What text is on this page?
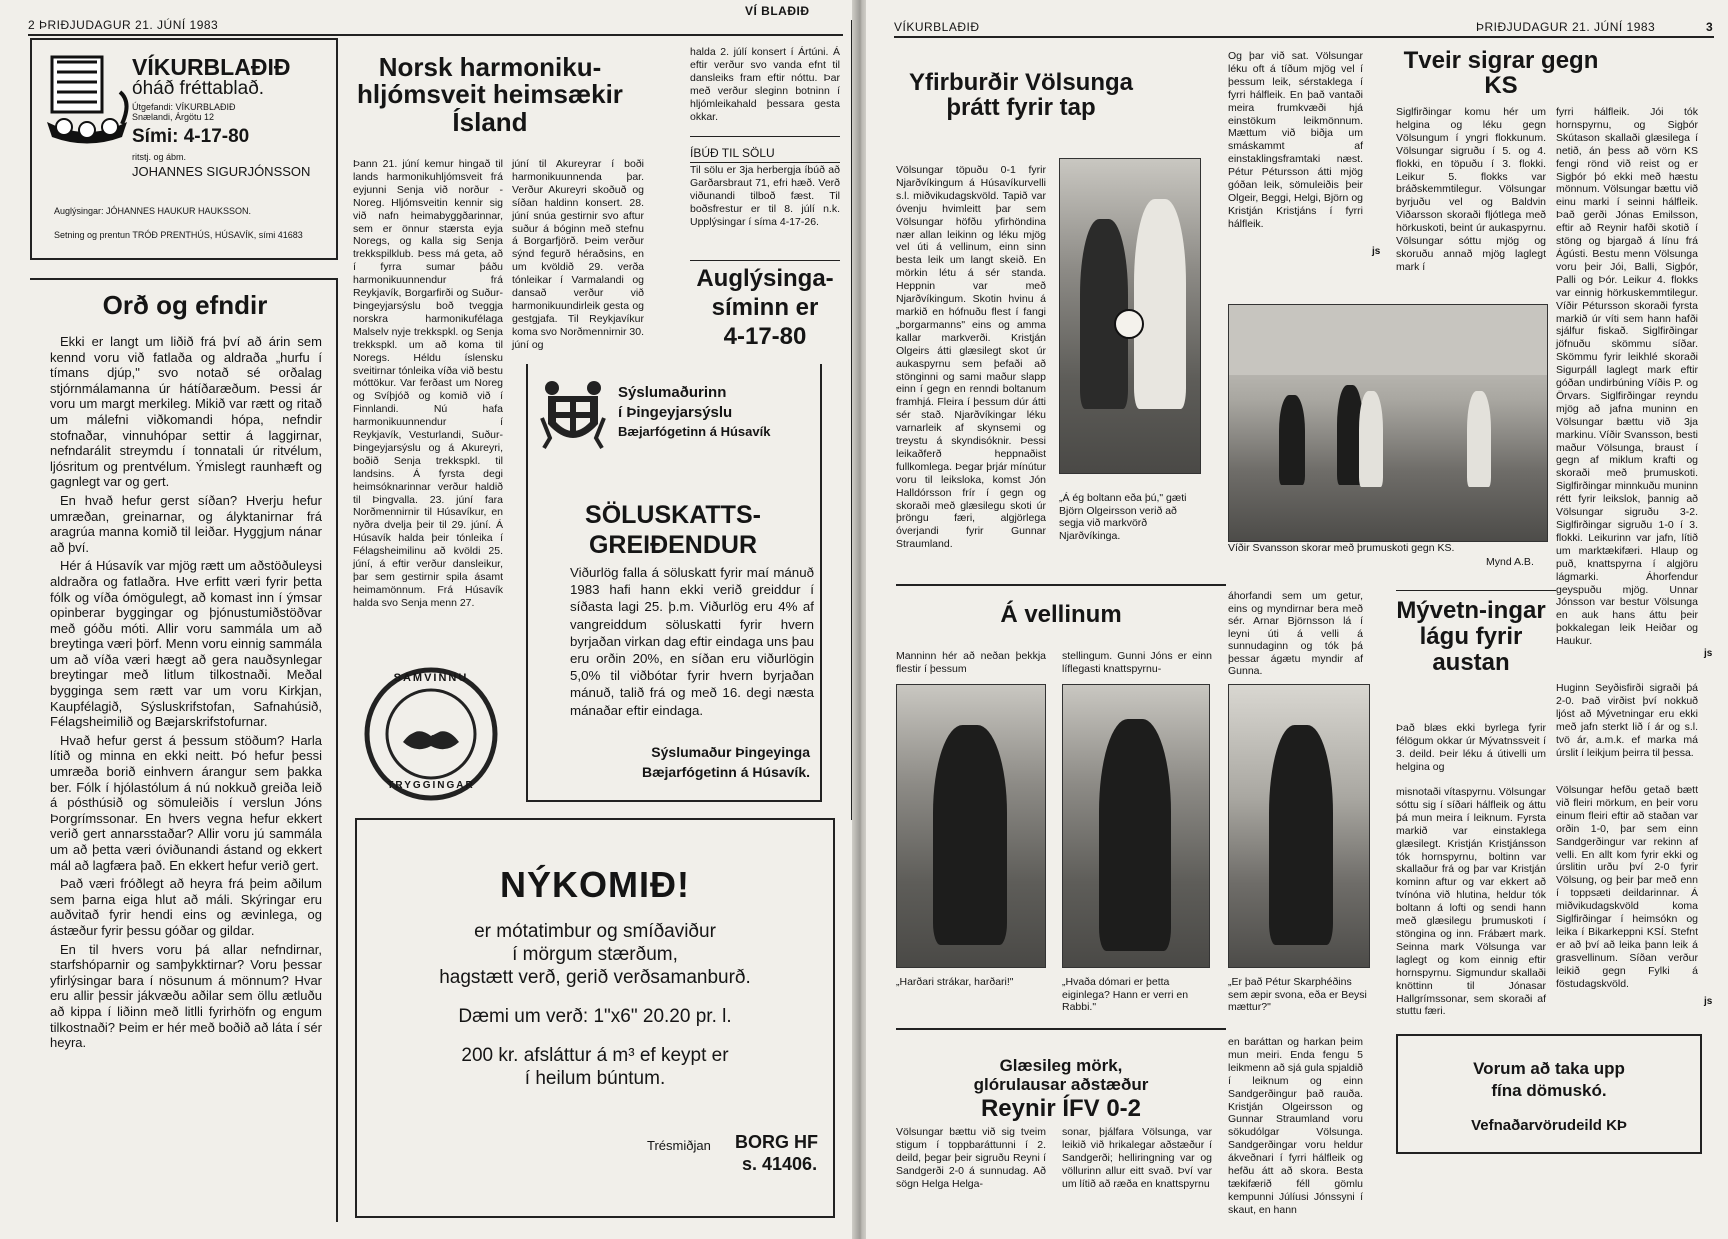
2 ÞRIÐJUDAGUR 21. JÚNÍ 1983
VÍ BLAÐIÐ
VÍKURBLAÐIÐ
óháð fréttablað.
Útgefandi: VÍKURBLAÐIÐ
Snælandi, Árgötu 12
Sími: 4-17-80
ritstj. og ábm.
JOHANNES SIGURJÓNSSON
Auglýsingar: JÓHANNES HAUKUR HAUKSSON.
Setning og prentun TRÓÐ PRENTHÚS, HÚSAVÍK, sími 41683
Orð og efndir

Ekki er langt um liðið frá því að árin sem kennd voru við fatlaða og aldraða „hurfu í tímans djúp," svo notað sé orðalag stjórnmálamanna úr hátíðaræðum. Þessi ár voru um margt merkileg. Mikið var rætt og ritað um málefni viðkomandi hópa, nefndir stofnaðar, vinnuhópar settir á laggirnar, nefndarálit streymdu í tonnatali úr ritvélum, ljósritum og prentvélum. Ýmislegt raunhæft og gagnlegt var og gert.

En hvað hefur gerst síðan? Hverju hefur umræðan, greinarnar, og ályktanirnar frá aragrúa manna komið til leiðar. Hyggjum nánar að því.

Hér á Húsavík var mjög rætt um aðstöðuleysi aldraðra og fatlaðra. Hve erfitt væri fyrir þetta fólk og víða ómögulegt, að komast inn í ýmsar opinberar byggingar og þjónustumiðstöðvar með góðu móti. Allir voru sammála um að breytinga væri þörf. Menn voru einnig sammála um að víða væri hægt að gera nauðsynlegar breytingar með litlum tilkostnaði. Meðal bygginga sem rætt var um voru Kirkjan, Kaupfélagið, Sýsluskrifstofan, Safnahúsið, Félagsheimilið og Bæjarskrifstofurnar.

Hvað hefur gerst á þessum stöðum? Harla lítið og minna en ekki neitt. Þó hefur þessi umræða borið einhvern árangur sem þakka ber. Fólk í hjólastólum á nú nokkuð greiða leið á pósthúsið og sömuleiðis í verslun Jóns Þorgrímssonar. En hvers vegna hefur ekkert verið gert annarsstaðar? Allir voru jú sammála um að þetta væri óviðunandi ástand og ekkert mál að lagfæra það. En ekkert hefur verið gert.

Það væri fróðlegt að heyra frá þeim aðilum sem þarna eiga hlut að máli. Skýringar eru auðvitað fyrir hendi eins og ævinlega, og ástæður fyrir þessu góðar og gildar.

En til hvers voru þá allar nefndirnar, starfshóparnir og samþykktirnar? Voru þessar yfirlýsingar bara í nösunum á mönnum? Hvar eru allir þessir jákvæðu aðilar sem öllu ætluðu að kippa í liðinn með litlli fyrirhöfn og engum tilkostnaði? Þeim er hér með boðið að láta í sér heyra.

Norsk harmoniku-hljómsveit heimsækir Ísland
Þann 21. júní kemur hingað til lands harmonikuhljómsveit frá eyjunni Senja við norður - Noreg. Hljómsveitin kennir sig við nafn heimabyggðarinnar, sem er önnur stærsta eyja Noregs, og kalla sig Senja trekkspilklub. Þess má geta, að í fyrra sumar þáðu harmonikuunnendur frá Reykjavík, Borgarfirði og Suður-Þingeyjarsýslu boð tveggja norskra harmonikufélaga Malselv nyje trekkspkl. og Senja trekkspkl. um að koma til Noregs. Héldu íslensku sveitirnar tónleika víða við bestu móttökur. Var ferðast um Noreg og Svíþjóð og komið við í Finnlandi. Nú hafa harmonikuunnendur í Reykjavík, Vesturlandi, Suður-Þingeyjarsýslu og á Akureyri, boðið Senja trekkspkl. til landsins. Á fyrsta degi heimsóknarinnar verður haldið til Þingvalla. 23. júní fara Norðmennirnir til Húsavíkur, en nyðra dvelja þeir til 29. júní. Á Húsavík halda þeir tónleika í Félagsheimilinu að kvöldi 25. júní, á eftir verður dansleikur, þar sem gestirnir spila ásamt heimamönnum. Frá Húsavík halda svo Senja menn 27.
júní til Akureyrar í boði harmonikuunnenda þar. Verður Akureyri skoðuð og síðan haldinn konsert. 28. júní snúa gestirnir svo aftur suður á bóginn með stefnu á Borgarfjörð. Þeim verður sýnd fegurð héraðsins, en um kvöldið 29. verða tónleikar í Varmalandi og dansað verður við harmonikuundirleik gesta og gestgjafa. Til Reykjavíkur koma svo Norðmennirnir 30. júní og
halda 2. júlí konsert í Ártúni. Á eftir verður svo vanda efnt til dansleiks fram eftir nóttu. Þar með verður sleginn botninn í hljómleikahald þessara gesta okkar.
ÍBÚÐ TIL SÖLU
Til sölu er 3ja herbergja íbúð að Garðarsbraut 71, efri hæð. Verð viðunandi tilboð fæst. Til boðsfrestur er til 8. júlí n.k. Upplýsingar í síma 4-17-26.
Auglýsinga-
síminn er
4-17-80
SAMVINNU
TRYGGINGAR
Sýslumaðurinn
í Þingeyjarsýslu
Bæjarfógetinn á Húsavík
SÖLUSKATTS-GREIÐENDUR
Viðurlög falla á söluskatt fyrir maí mánuð 1983 hafi hann ekki verið greiddur í síðasta lagi 25. þ.m. Viðurlög eru 4% af vangreiddum söluskatti fyrir hvern byrjaðan virkan dag eftir eindaga uns þau eru orðin 20%, en síðan eru viðurlögin 5,0% til viðbótar fyrir hvern byrjaðan mánuð, talið frá og með 16. degi næsta mánaðar eftir eindaga.
Sýslumaður Þingeyinga
Bæjarfógetinn á Húsavík.
NÝKOMIÐ!
er mótatimbur og smíðaviður
í mörgum stærðum,
hagstætt verð, gerið verðsamanburð.
Dæmi um verð: 1"x6" 20.20 pr. l.
200 kr. afsláttur á m³ ef keypt er
í heilum búntum.
Trésmiðjan BORG HF
s. 41406.
VÍKURBLAÐIÐ	ÞRIÐJUDAGUR 21. JÚNÍ 1983	3
Yfirburðir Völsunga þrátt fyrir tap
Völsungar töpuðu 0-1 fyrir Njarðvíkingum á Húsavíkurvelli s.l. miðvikudagskvöld. Tapið var óvenju hvimleitt þar sem Völsungar höfðu yfirhöndina nær allan leikinn og léku mjög vel úti á vellinum, einn sinn besta leik um langt skeið. En mörkin létu á sér standa. Heppnin var með Njarðvíkingum. Skotin hvinu á markið en hófnuðu flest í fangi „borgarmanns" eins og amma kallar markverði. Kristján Olgeirs átti glæsilegt skot úr aukaspyrnu sem þefaði að stönginni og sami maður slapp einn í gegn en renndi boltanum framhjá. Fleira í þessum dúr átti sér stað. Njarðvíkingar léku varnarleik af skynsemi og treystu á skyndisóknir. Þessi leikaðferð heppnaðist fullkomlega. Þegar þrjár mínútur voru til leiksloka, komst Jón Halldórsson frír í gegn og skoraði með glæsilegu skoti úr þröngu færi, algjörlega óverjandi fyrir Gunnar Straumland.
„Á ég boltann eða þú," gæti Björn Olgeirsson verið að segja við markvörð Njarðvíkinga.
Og þar við sat. Völsungar léku oft á tíðum mjög vel í þessum leik, sérstaklega í fyrri hálfleik. En það vantaði meira frumkvæði hjá einstökum leikmönnum. Mættum við biðja um smáskammt af einstaklingsframtaki næst. Pétur Pétursson átti mjög góðan leik, sömuleiðis þeir Olgeir, Beggi, Helgi, Björn og Kristján Kristjáns í fyrri hálfleik.
js
Tveir sigrar gegn KS
Siglfirðingar komu hér um helgina og léku gegn Völsungum í yngri flokkunum. Völsungar sigruðu í 5. og 4. flokki, en töpuðu í 3. flokki. Leikur 5. flokks var bráðskemmtilegur. Völsungar byrjuðu vel og Baldvin Viðarsson skoraði fljótlega með hörkuskoti, beint úr aukaspyrnu. Völsungar sóttu mjög og skoruðu annað mjög laglegt mark í
fyrri hálfleik. Jói tók hornspyrnu, og Sigþór Skútason skallaði glæsilega í netið, án þess að vörn KS fengi rönd við reist og er Sigþór þó ekki með hæstu mönnum. Völsungar bættu við einu marki í seinni hálfleik. Það gerði Jónas Emilsson, eftir að Reynir hafði skotið í stöng og bjargað á línu frá Ágústi. Bestu menn Völsunga voru þeir Jói, Balli, Sigþór, Palli og Þór. Leikur 4. flokks var einnig hörkuskemmtilegur. Víðir Pétursson skoraði fyrsta markið úr víti sem hann hafði sjálfur fiskað. Siglfirðingar jöfnuðu skömmu síðar. Skömmu fyrir leikhlé skoraði Sigurpáll laglegt mark eftir góðan undirbúning Víðis P. og Örvars. Siglfirðingar reyndu mjög að jafna muninn en Völsungar bættu við 3ja markinu. Víðir Svansson, besti maður Völsunga, braust í gegn af miklum krafti og skoraði með þrumuskoti. Siglfirðingar minnkuðu muninn rétt fyrir leikslok, þannig að Völsungar sigruðu 3-2. Siglfirðingar sigruðu 1-0 í 3. flokki. Leikurinn var jafn, lítið um marktækifæri. Hlaup og puð, knattspyrna í algjöru lágmarki. Áhorfendur geyspuðu mjög. Unnar Jónsson var bestur Völsunga en auk hans áttu þeir þokkalegan leik Heiðar og Haukur.
Víðir Svansson skorar með þrumuskoti gegn KS.
Mynd A.B.
js
Á vellinum
Manninn hér að neðan þekkja flestir í þessum
stellingum. Gunni Jóns er einn líflegasti knattspyrnu-
áhorfandi sem um getur, eins og myndirnar bera með sér. Arnar Björnsson lá í leyni úti á velli á sunnudaginn og tók þá þessar ágætu myndir af Gunna.
„Harðari strákar, harðari!"	„Hvaða dómari er þetta eiginlega? Hann er verri en Rabbi."
„Er það Pétur Skarphéðins sem æpir svona, eða er Beysi mættur?"
Mývetn-ingar lágu fyrir austan
Það blæs ekki byrlega fyrir félögum okkar úr Mývatnssveit í 3. deild. Þeir léku á útivelli um helgina og
Huginn Seyðisfirði sigraði þá 2-0. Það virðist því nokkuð ljóst að Mývetningar eru ekki með jafn sterkt lið í ár og s.l. tvö ár, a.m.k. ef marka má úrslit í leikjum þeirra til þessa.
misnotaði vítaspyrnu. Völsungar sóttu sig í síðari hálfleik og áttu þá mun meira í leiknum. Fyrsta markið var einstaklega glæsilegt. Kristján Kristjánsson tók hornspyrnu, boltinn var skallaður frá og þar var Kristján kominn aftur og var ekkert að tvínóna við hlutina, heldur tók boltann á lofti og sendi hann með glæsilegu þrumuskoti í stöngina og inn. Frábært mark. Seinna mark Völsunga var laglegt og kom einnig eftir hornspyrnu. Sigmundur skallaði knöttinn til Jónasar Hallgrímssonar, sem skoraði af stuttu færi.
Völsungar hefðu getað bætt við fleiri mörkum, en þeir voru einum fleiri eftir að staðan var orðin 1-0, þar sem einn Sandgerðingur var rekinn af velli. En allt kom fyrir ekki og úrslitin urðu því 2-0 fyrir Völsung, og þeir þar með enn í toppsæti deildarinnar. Á miðvikudagskvöld koma Siglfirðingar í heimsókn og leika í Bikarkeppni KSÍ. Stefnt er að því að leika þann leik á grasvellinum. Síðan verður leikið gegn Fylki á föstudagskvöld.
js
Glæsileg mörk,
glórulausar aðstæður
Reynir ÍFV 0-2
Völsungar bættu við sig tveim stigum í toppbaráttunni í 2. deild, þegar þeir sigruðu Reyni í Sandgerði 2-0 á sunnudag. Að sögn Helga Helga-
sonar, þjálfara Völsunga, var leikið við hrikalegar aðstæður í Sandgerði; helliringning var og völlurinn allur eitt svað. Því var um lítið að ræða en knattspyrnu
en baráttan og harkan þeim mun meiri. Enda fengu 5 leikmenn að sjá gula spjaldið í leiknum og einn Sandgerðingur það rauða. Kristján Olgeirsson og Gunnar Straumland voru sökudólgar Völsunga. Sandgerðingar voru heldur ákveðnari í fyrri hálfleik og hefðu átt að skora. Besta tækifærið féll gömlu kempunni Júlíusi Jónssyni í skaut, en hann
Vorum að taka upp
fína dömuskó.
Vefnaðarvörudeild KÞ
